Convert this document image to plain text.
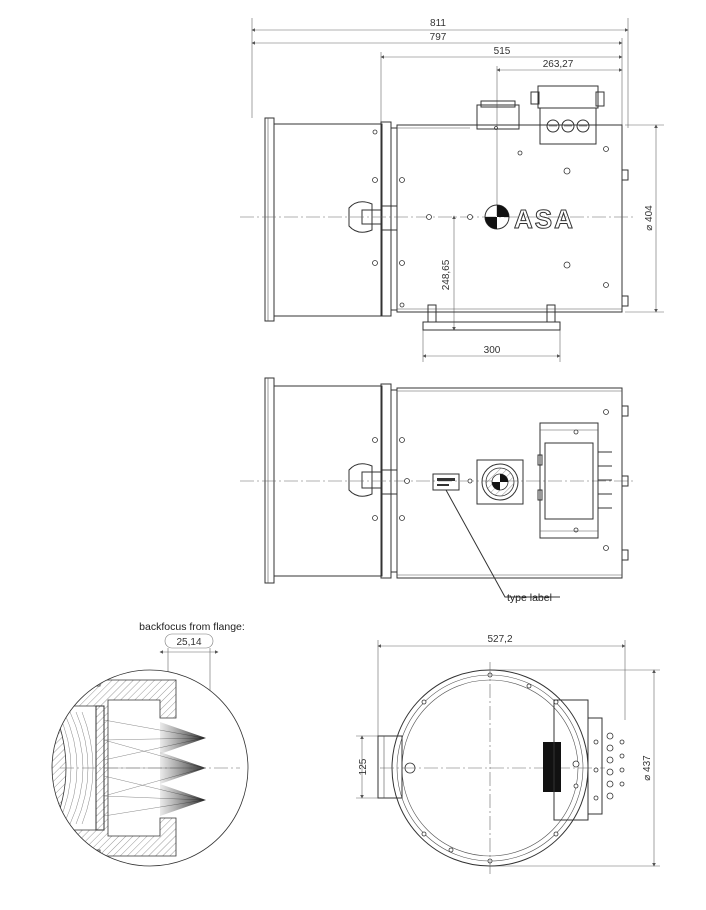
811
797
515
263,27
⌀ 404
248,65
300
ASA
type label
backfocus from flange:
25,14	527,2
⌀ 437
125
